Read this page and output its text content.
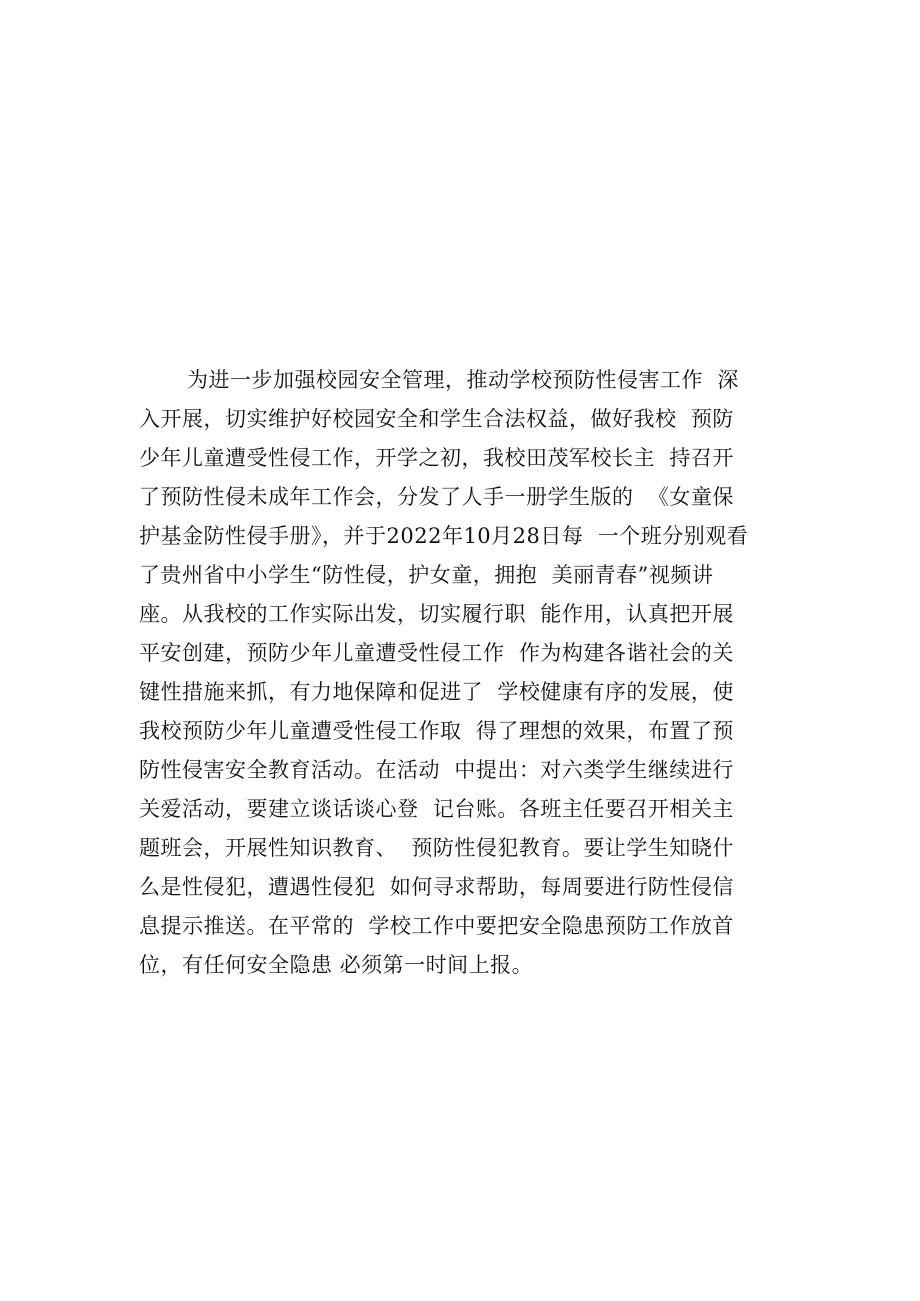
为进一步加强校园安全管理，推动学校预防性侵害工作  深
入开展，切实维护好校园安全和学生合法权益，做好我校  预防
少年儿童遭受性侵工作，开学之初，我校田茂军校长主  持召开
了预防性侵未成年工作会，分发了人手一册学生版的  《女童保
护基金防性侵手册》，并于2022年10月28日每  一个班分别观看
了贵州省中小学生“防性侵，护女童，拥抱  美丽青春”视频讲
座。从我校的工作实际出发，切实履行职  能作用，认真把开展
平安创建，预防少年儿童遭受性侵工作  作为构建各谐社会的关
键性措施来抓，有力地保障和促进了  学校健康有序的发展，使
我校预防少年儿童遭受性侵工作取  得了理想的效果，布置了预
防性侵害安全教育活动。在活动  中提出：对六类学生继续进行
关爱活动，要建立谈话谈心登  记台账。各班主任要召开相关主
题班会，开展性知识教育、  预防性侵犯教育。要让学生知晓什
么是性侵犯，遭遇性侵犯  如何寻求帮助，每周要进行防性侵信
息提示推送。在平常的  学校工作中要把安全隐患预防工作放首
位，有任何安全隐患 必须第一时间上报。
